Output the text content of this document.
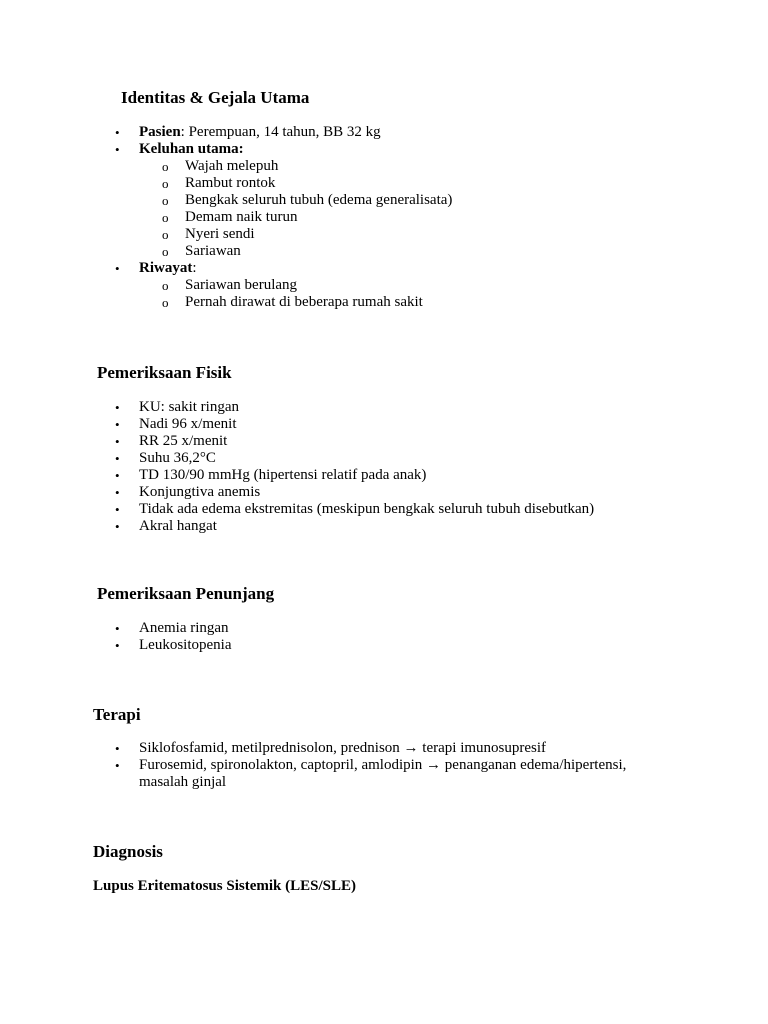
Identitas & Gejala Utama
• Pasien: Perempuan, 14 tahun, BB 32 kg
• Keluhan utama:
o Wajah melepuh
o Rambut rontok
o Bengkak seluruh tubuh (edema generalisata)
o Demam naik turun
o Nyeri sendi
o Sariawan
• Riwayat:
o Sariawan berulang
o Pernah dirawat di beberapa rumah sakit
Pemeriksaan Fisik
• KU: sakit ringan
• Nadi 96 x/menit
• RR 25 x/menit
• Suhu 36,2°C
• TD 130/90 mmHg (hipertensi relatif pada anak)
• Konjungtiva anemis
• Tidak ada edema ekstremitas (meskipun bengkak seluruh tubuh disebutkan)
• Akral hangat
Pemeriksaan Penunjang
• Anemia ringan
• Leukositopenia
Terapi
• Siklofosfamid, metilprednisolon, prednison → terapi imunosupresif
• Furosemid, spironolakton, captopril, amlodipin → penanganan edema/hipertensi, masalah ginjal
Diagnosis
Lupus Eritematosus Sistemik (LES/SLE)
